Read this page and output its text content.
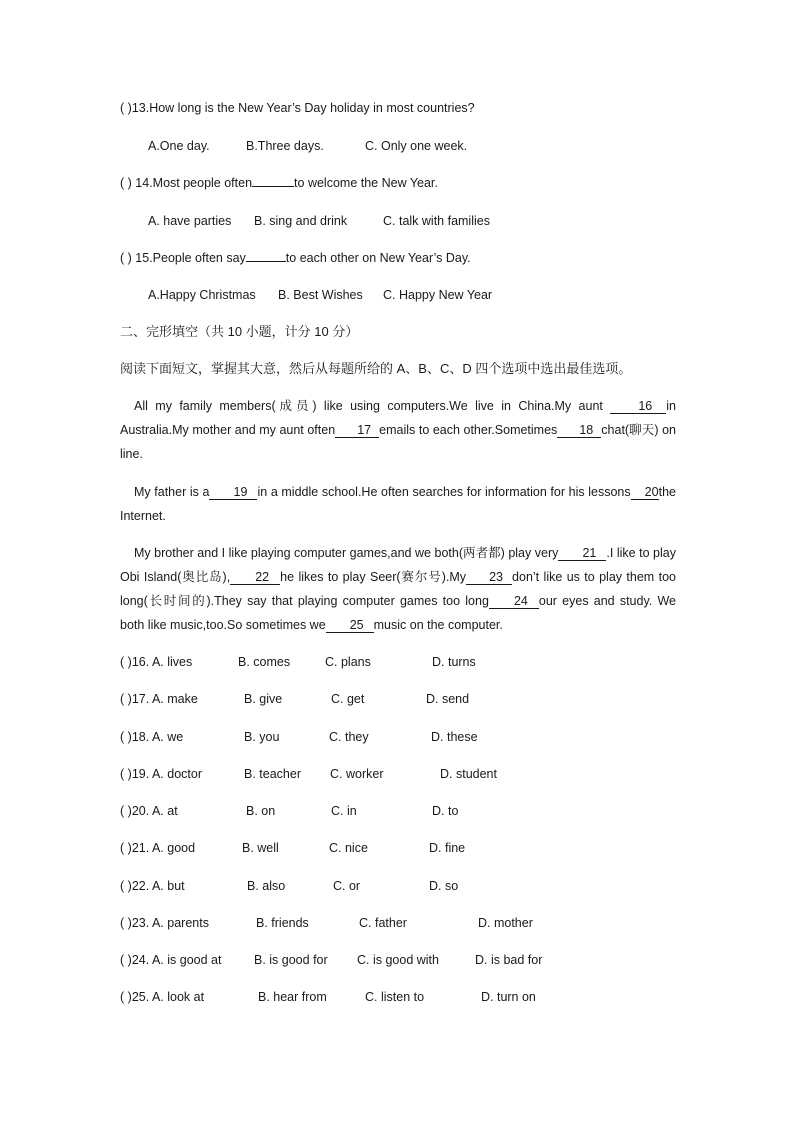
( )13.How long is the New Year’s Day holiday in most countries?
A.One day.	B.Three days.	C. Only one week.
( ) 14.Most people often	to welcome the New Year.
A. have parties B. sing and drink	C. talk with families
( ) 15.People often say	to each other on New Year’s Day.
A.Happy Christmas B. Best Wishes C. Happy New Year
二、完形填空（共 10 小题，计分 10 分）
阅读下面短文，掌握其大意，然后从每题所给的 A、B、C、D 四个选项中选出最佳选项。
All my family members(成员) like using computers.We live in China.My aunt 16 in Australia.My mother and my aunt often 17 emails to each other.Sometimes 18 chat(聊天) on line.
My father is a 19 in a middle school.He often searches for information for his lessons 20the Internet.
My brother and I like playing computer games,and we both(两者都) play very 21 .I like to play Obi Island(奥比岛), 22 he likes to play Seer(赛尔号).My 23 don’t like us to play them too long(长时间的).They say that playing computer games too long 24 our eyes and study. We both like music,too.So sometimes we 25 music on the computer.
( )16. A. lives	B. comes	C. plans	D. turns
( )17. A. make	B. give	C. get	D. send
( )18. A. we	B. you	C. they	D. these
( )19. A. doctor	B. teacher C. worker	D. student
( )20. A. at	B. on	C. in	D. to
( )21. A. good	B. well	C. nice	D. fine
( )22. A. but	B. also	C. or	D. so
( )23. A. parents	B. friends	C. father	D. mother
( )24. A. is good at	B. is good for C. is good with	D. is bad for
( )25. A. look at	B. hear from	C. listen to	D. turn on
